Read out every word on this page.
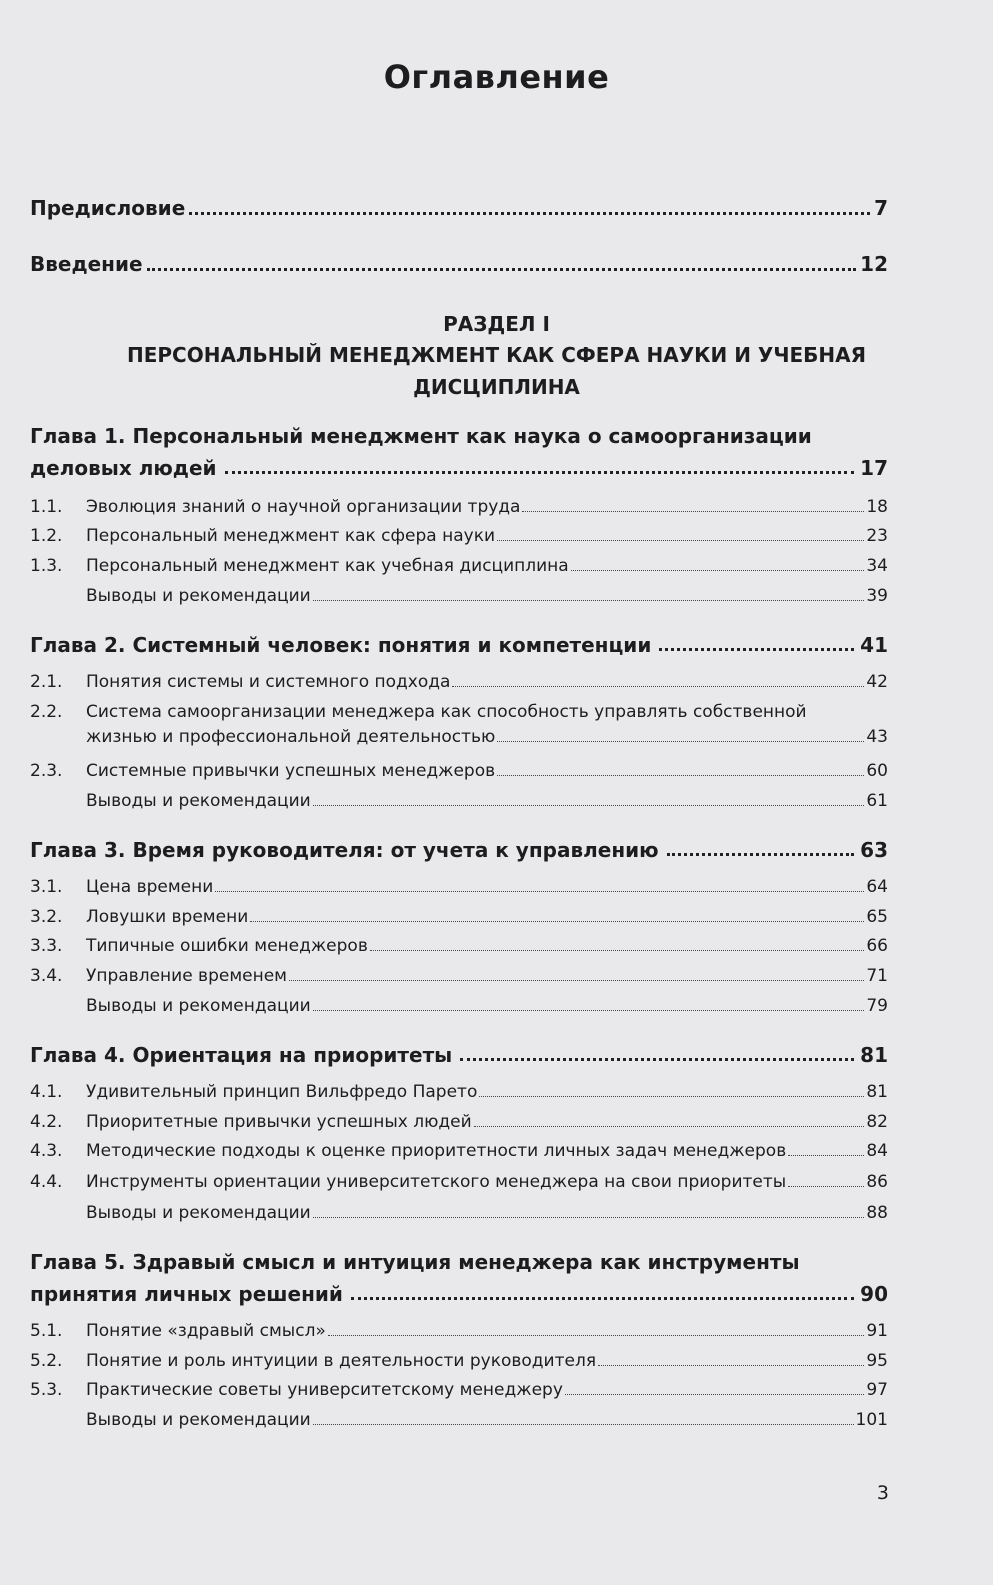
Оглавление
Предисловие	7
Введение	12
РАЗДЕЛ I
ПЕРСОНАЛЬНЫЙ МЕНЕДЖМЕНТ КАК СФЕРА НАУКИ И УЧЕБНАЯ
ДИСЦИПЛИНА
Глава 1. Персональный менеджмент как наука о самоорганизации
деловых людей	17
1.1.	Эволюция знаний о научной организации труда	18
1.2.	Персональный менеджмент как сфера науки	23
1.3.	Персональный менеджмент как учебная дисциплина	34
Выводы и рекомендации	39
Глава 2. Системный человек: понятия и компетенции	41
2.1.	Понятия системы и системного подхода	42
2.2.	Система самоорганизации менеджера как способность управлять собственной
жизнью и профессиональной деятельностью	43
2.3.	Системные привычки успешных менеджеров	60
Выводы и рекомендации	61
Глава 3. Время руководителя: от учета к управлению	63
3.1.	Цена времени	64
3.2.	Ловушки времени	65
3.3.	Типичные ошибки менеджеров	66
3.4.	Управление временем	71
Выводы и рекомендации	79
Глава 4. Ориентация на приоритеты	81
4.1.	Удивительный принцип Вильфредо Парето	81
4.2.	Приоритетные привычки успешных людей	82
4.3.	Методические подходы к оценке приоритетности личных задач менеджеров	84
4.4.	Инструменты ориентации университетского менеджера на свои приоритеты	86
Выводы и рекомендации	88
Глава 5. Здравый смысл и интуиция менеджера как инструменты
принятия личных решений	90
5.1.	Понятие «здравый смысл»	91
5.2.	Понятие и роль интуиции в деятельности руководителя	95
5.3.	Практические советы университетскому менеджеру	97
Выводы и рекомендации	101
3
